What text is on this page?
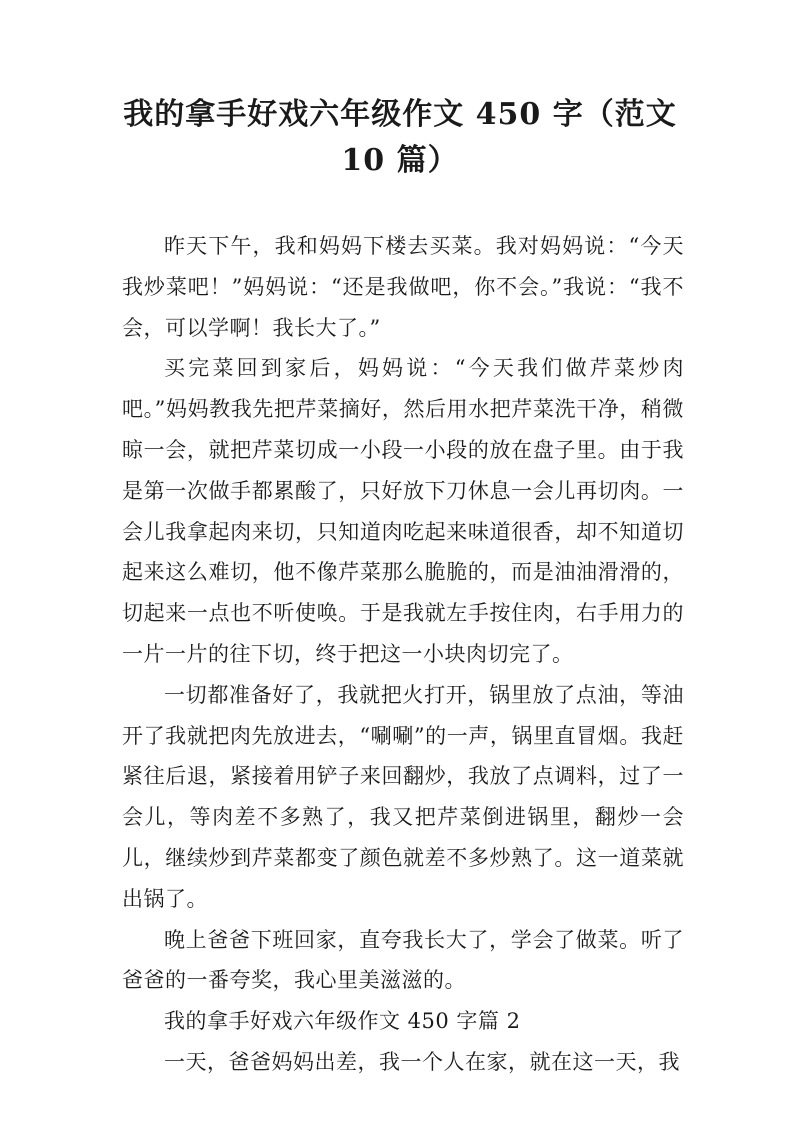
我的拿手好戏六年级作文 450 字（范文 10 篇）

昨天下午，我和妈妈下楼去买菜。我对妈妈说：“今天我炒菜吧！”妈妈说：“还是我做吧，你不会。”我说：“我不会，可以学啊！我长大了。”

买完菜回到家后，妈妈说：“今天我们做芹菜炒肉吧。”妈妈教我先把芹菜摘好，然后用水把芹菜洗干净，稍微晾一会，就把芹菜切成一小段一小段的放在盘子里。由于我是第一次做手都累酸了，只好放下刀休息一会儿再切肉。一会儿我拿起肉来切，只知道肉吃起来味道很香，却不知道切起来这么难切，他不像芹菜那么脆脆的，而是油油滑滑的，切起来一点也不听使唤。于是我就左手按住肉，右手用力的一片一片的往下切，终于把这一小块肉切完了。

一切都准备好了，我就把火打开，锅里放了点油，等油开了我就把肉先放进去，“唰唰”的一声，锅里直冒烟。我赶紧往后退，紧接着用铲子来回翻炒，我放了点调料，过了一会儿，等肉差不多熟了，我又把芹菜倒进锅里，翻炒一会儿，继续炒到芹菜都变了颜色就差不多炒熟了。这一道菜就出锅了。

晚上爸爸下班回家，直夸我长大了，学会了做菜。听了爸爸的一番夸奖，我心里美滋滋的。

我的拿手好戏六年级作文 450 字篇 2

一天，爸爸妈妈出差，我一个人在家，就在这一天，我
